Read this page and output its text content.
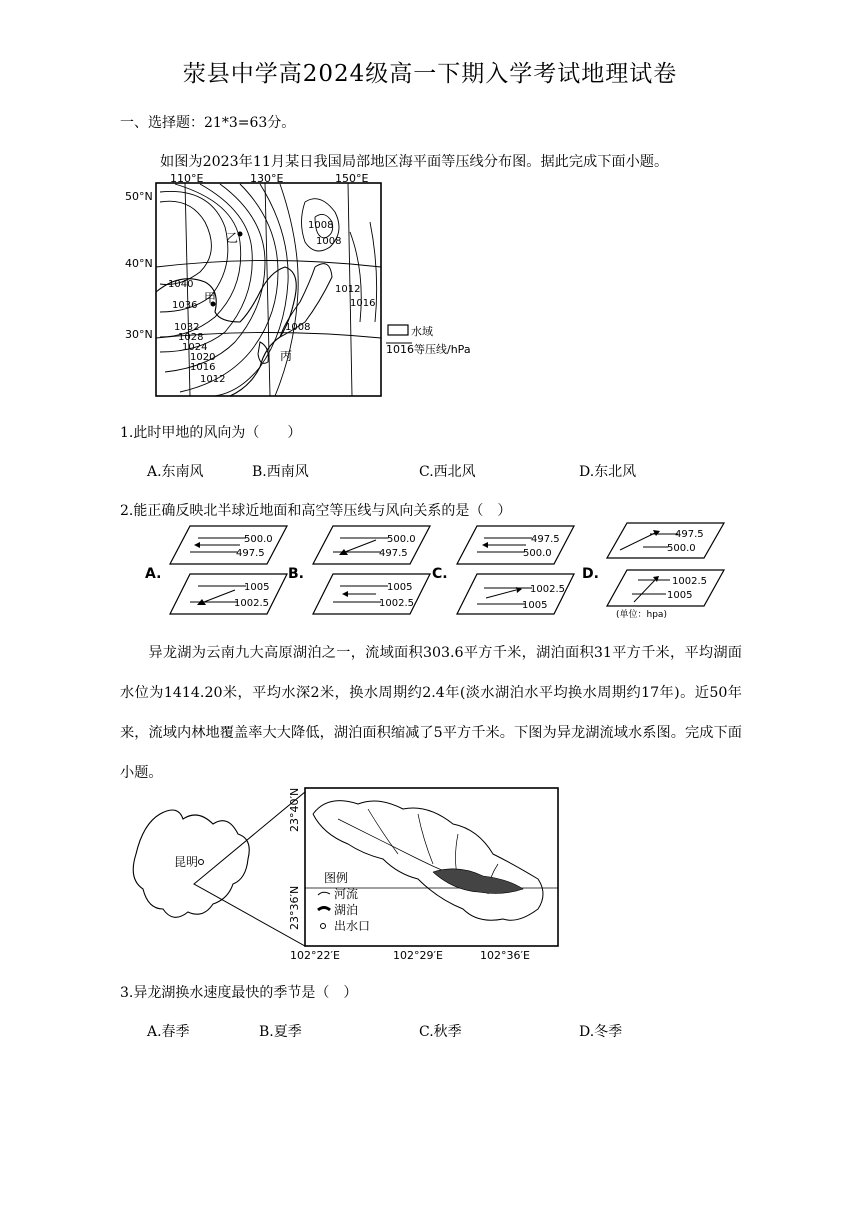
荥县中学高2024级高一下期入学考试地理试卷
一、选择题：21*3=63分。
如图为2023年11月某日我国局部地区海平面等压线分布图。据此完成下面小题。
110°E	130°E	150°E
50°N
40°N
30°N
1040
1036
1032
1028
1024
1020
1016
1012
1008
1008
1008
1012
1016
乙
甲
丙
水域
1016 等压线/hPa
1.此时甲地的风向为（　　）
A.东南风	B.西南风	C.西北风	D.东北风
2.能正确反映北半球近地面和高空等压线与风向关系的是（　）
A.
500.0
497.5
1005
1002.5
B.
500.0
497.5
1005
1002.5
C.
497.5
500.0
1002.5
1005
D.
497.5
500.0
1002.5
1005
(单位：hpa)
异龙湖为云南九大高原湖泊之一，流域面积303.6平方千米，湖泊面积31平方千米，平均湖面水位为1414.20米，平均水深2米，换水周期约2.4年(淡水湖泊水平均换水周期约17年)。近50年来，流域内林地覆盖率大大降低，湖泊面积缩减了5平方千米。下图为异龙湖流域水系图。完成下面小题。
昆明
23°40′N
23°36′N
102°22′E	102°29′E	102°36′E
图例
河流
湖泊
出水口
3.异龙湖换水速度最快的季节是（　）
A.春季	B.夏季	C.秋季	D.冬季
